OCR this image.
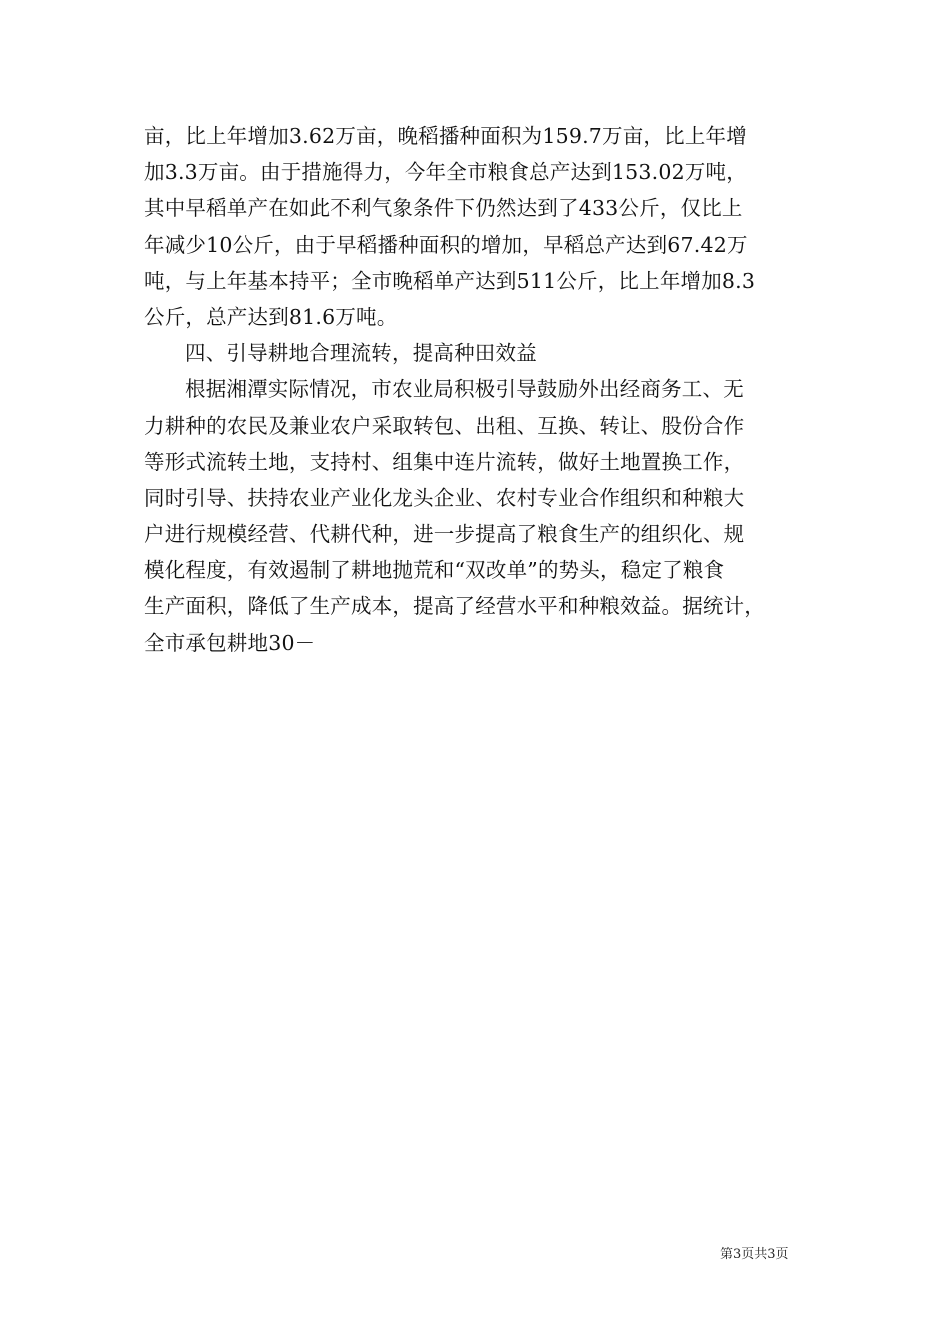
亩，比上年增加3.62万亩，晚稻播种面积为159.7万亩，比上年增
加3.3万亩。由于措施得力，今年全市粮食总产达到153.02万吨，
其中早稻单产在如此不利气象条件下仍然达到了433公斤，仅比上
年减少10公斤，由于早稻播种面积的增加，早稻总产达到67.42万
吨，与上年基本持平；全市晚稻单产达到511公斤，比上年增加8.3
公斤，总产达到81.6万吨。
四、引导耕地合理流转，提高种田效益
根据湘潭实际情况，市农业局积极引导鼓励外出经商务工、无
力耕种的农民及兼业农户采取转包、出租、互换、转让、股份合作
等形式流转土地，支持村、组集中连片流转，做好土地置换工作，
同时引导、扶持农业产业化龙头企业、农村专业合作组织和种粮大
户进行规模经营、代耕代种，进一步提高了粮食生产的组织化、规
模化程度，有效遏制了耕地抛荒和“双改单”的势头，稳定了粮食
生产面积，降低了生产成本，提高了经营水平和种粮效益。据统计，
全市承包耕地30－
第3页共3页
